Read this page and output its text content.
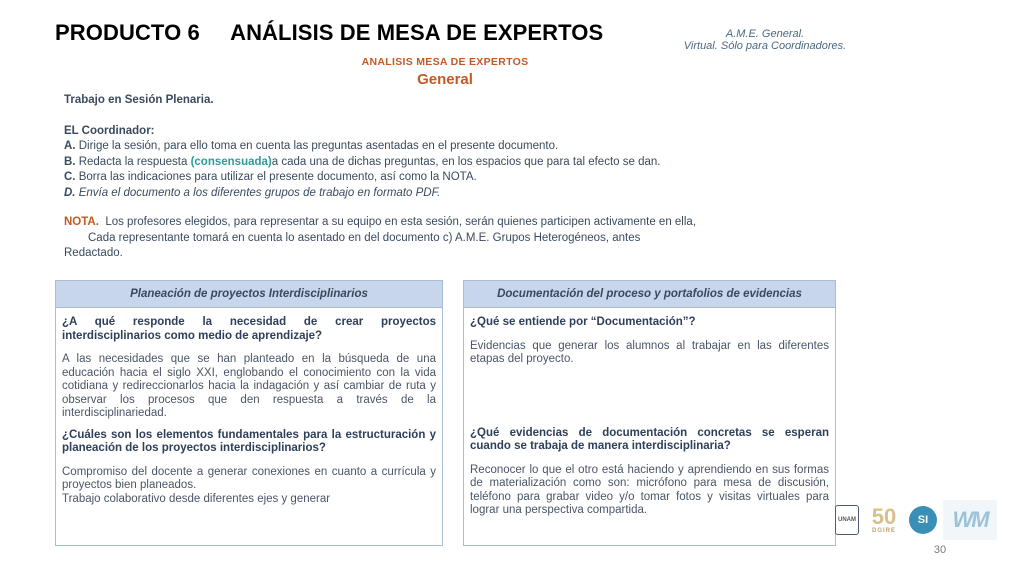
PRODUCTO 6     ANÁLISIS DE MESA DE EXPERTOS	A.M.E. General.
Virtual. Sólo para Coordinadores.
ANALISIS MESA DE EXPERTOS
General
Trabajo en Sesión Plenaria.
EL Coordinador:
A. Dirige la sesión, para ello toma en cuenta las preguntas asentadas en el presente documento.
B. Redacta la respuesta (consensuada)a cada una de dichas preguntas, en los espacios que para tal efecto se dan.
C. Borra las indicaciones para utilizar el presente documento, así como la NOTA.
D. Envía el documento a los diferentes grupos de trabajo en formato PDF.
NOTA. Los profesores elegidos, para representar a su equipo en esta sesión, serán quienes participen activamente en ella,
Cada representante tomará en cuenta lo asentado en del documento c) A.M.E. Grupos Heterogéneos, antes
Redactado.
Planeación de proyectos Interdisciplinarios
¿A qué responde la necesidad de crear proyectos interdisciplinarios como medio de aprendizaje?
A las necesidades que se han planteado en la búsqueda de una educación hacia el siglo XXI, englobando el conocimiento con la vida cotidiana y redireccionarlos hacia la indagación y así cambiar de ruta y observar los procesos que den respuesta a través de la interdisciplinariedad.
¿Cuáles son los elementos fundamentales para la estructuración y planeación de los proyectos interdisciplinarios?
Compromiso del docente a generar conexiones en cuanto a currícula y proyectos bien planeados.
Trabajo colaborativo desde diferentes ejes y generar
Documentación del proceso y portafolios de evidencias
¿Qué se entiende por “Documentación”?
Evidencias que generar los alumnos al trabajar en las diferentes etapas del proyecto.
¿Qué evidencias de documentación concretas se esperan cuando se trabaja de manera interdisciplinaria?
Reconocer lo que el otro está haciendo y aprendiendo en sus formas de materialización como son: micrófono para mesa de discusión, teléfono para grabar video y/o tomar fotos y visitas virtuales para lograr una perspectiva compartida.
UNAM 50
DGIRE
SI	WM
30
